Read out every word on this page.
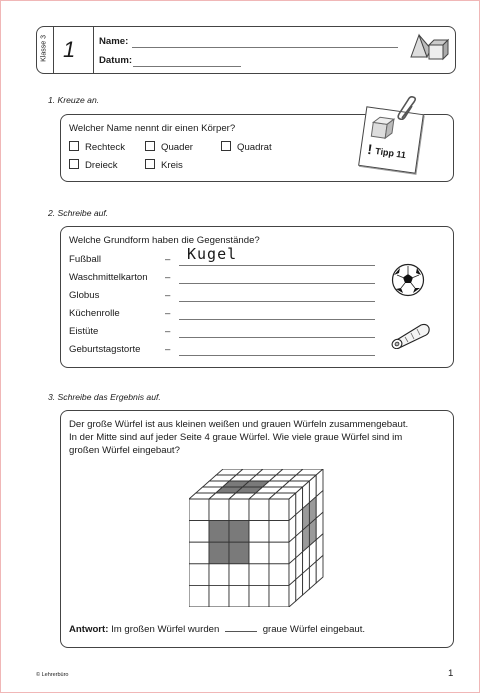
Klasse 3 1 Name:
Datum:
1. Kreuze an.
Welcher Name nennt dir einen Körper?
Rechteck	Quader	Quadrat
Dreieck	Kreis
! Tipp 11
2. Schreibe auf.
Welche Grundform haben die Gegenstände?
Fußball	– Kugel
Waschmittelkarton –
Globus	–
Küchenrolle	–
Eistüte	–
Geburtstagstorte	–
3. Schreibe das Ergebnis auf.
Der große Würfel ist aus kleinen weißen und grauen Würfeln zusammengebaut.
In der Mitte sind auf jeder Seite 4 graue Würfel. Wie viele graue Würfel sind im
großen Würfel eingebaut?
Antwort: Im großen Würfel wurden	graue Würfel eingebaut.
© Lehrerbüro	1
